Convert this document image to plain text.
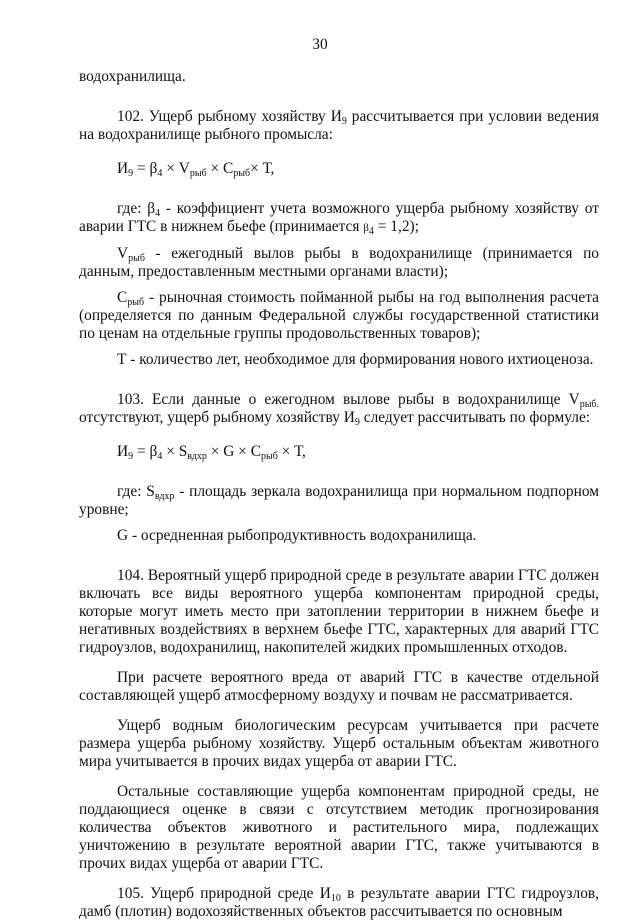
30

водохранилища.

102. Ущерб рыбному хозяйству $И_9$ рассчитывается при условии ведения на водохранилище рыбного промысла:

$И_9 = \beta_4 \times V_{рыб} \times С_{рыб}\times Т$,

где: $\beta_4$ - коэффициент учета возможного ущерба рыбному хозяйству от аварии ГТС в нижнем бьефе (принимается $\beta_4 = 1,2$);

$V_{рыб}$ - ежегодный вылов рыбы в водохранилище (принимается по данным, предоставленным местными органами власти);

$С_{рыб}$ - рыночная стоимость пойманной рыбы на год выполнения расчета (определяется по данным Федеральной службы государственной статистики по ценам на отдельные группы продовольственных товаров);

Т - количество лет, необходимое для формирования нового ихтиоценоза.

103. Если данные о ежегодном вылове рыбы в водохранилище $V_{рыб.}$ отсутствуют, ущерб рыбному хозяйству $И_9$ следует рассчитывать по формуле:

$И_9 = \beta_4 \times S_{вдхр} \times G \times С_{рыб} \times Т$,

где: $S_{вдхр}$ - площадь зеркала водохранилища при нормальном подпорном уровне;

G - осредненная рыбопродуктивность водохранилища.

104. Вероятный ущерб природной среде в результате аварии ГТС должен включать все виды вероятного ущерба компонентам природной среды, которые могут иметь место при затоплении территории в нижнем бьефе и негативных воздействиях в верхнем бьефе ГТС, характерных для аварий ГТС гидроузлов, водохранилищ, накопителей жидких промышленных отходов.

При расчете вероятного вреда от аварий ГТС в качестве отдельной составляющей ущерб атмосферному воздуху и почвам не рассматривается.

Ущерб водным биологическим ресурсам учитывается при расчете размера ущерба рыбному хозяйству. Ущерб остальным объектам животного мира учитывается в прочих видах ущерба от аварии ГТС.

Остальные составляющие ущерба компонентам природной среды, не поддающиеся оценке в связи с отсутствием методик прогнозирования количества объектов животного и растительного мира, подлежащих уничтожению в результате вероятной аварии ГТС, также учитываются в прочих видах ущерба от аварии ГТС.

105. Ущерб природной среде $И_{10}$ в результате аварии ГТС гидроузлов, дамб (плотин) водохозяйственных объектов рассчитывается по основным
